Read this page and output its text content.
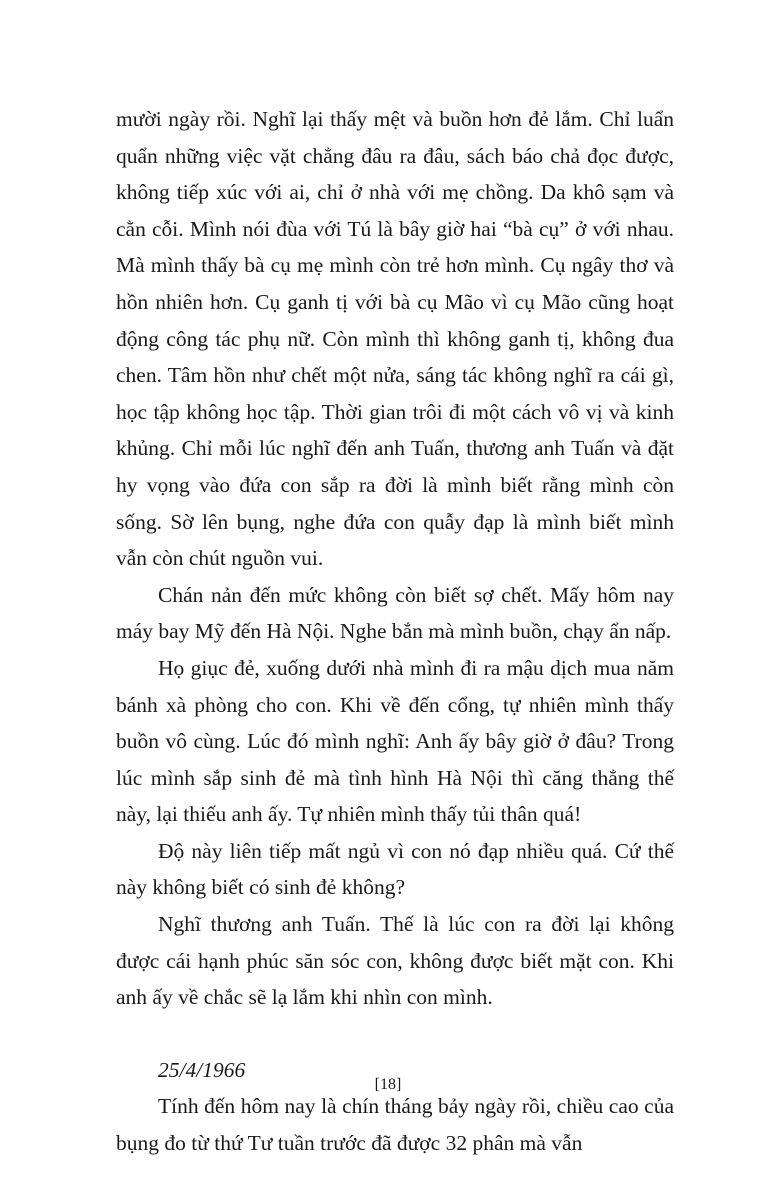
mười ngày rồi. Nghĩ lại thấy mệt và buồn hơn đẻ lắm. Chỉ luẩn quẩn những việc vặt chẳng đâu ra đâu, sách báo chả đọc được, không tiếp xúc với ai, chỉ ở nhà với mẹ chồng. Da khô sạm và cằn cỗi. Mình nói đùa với Tú là bây giờ hai “bà cụ” ở với nhau. Mà mình thấy bà cụ mẹ mình còn trẻ hơn mình. Cụ ngây thơ và hồn nhiên hơn. Cụ ganh tị với bà cụ Mão vì cụ Mão cũng hoạt động công tác phụ nữ. Còn mình thì không ganh tị, không đua chen. Tâm hồn như chết một nửa, sáng tác không nghĩ ra cái gì, học tập không học tập. Thời gian trôi đi một cách vô vị và kinh khủng. Chỉ mỗi lúc nghĩ đến anh Tuấn, thương anh Tuấn và đặt hy vọng vào đứa con sắp ra đời là mình biết rằng mình còn sống. Sờ lên bụng, nghe đứa con quẫy đạp là mình biết mình vẫn còn chút nguồn vui.

Chán nản đến mức không còn biết sợ chết. Mấy hôm nay máy bay Mỹ đến Hà Nội. Nghe bắn mà mình buồn, chạy ẩn nấp.

Họ giục đẻ, xuống dưới nhà mình đi ra mậu dịch mua năm bánh xà phòng cho con. Khi về đến cổng, tự nhiên mình thấy buồn vô cùng. Lúc đó mình nghĩ: Anh ấy bây giờ ở đâu? Trong lúc mình sắp sinh đẻ mà tình hình Hà Nội thì căng thẳng thế này, lại thiếu anh ấy. Tự nhiên mình thấy tủi thân quá!

Độ này liên tiếp mất ngủ vì con nó đạp nhiều quá. Cứ thế này không biết có sinh đẻ không?

Nghĩ thương anh Tuấn. Thế là lúc con ra đời lại không được cái hạnh phúc săn sóc con, không được biết mặt con. Khi anh ấy về chắc sẽ lạ lắm khi nhìn con mình.

25/4/1966

Tính đến hôm nay là chín tháng bảy ngày rồi, chiều cao của bụng đo từ thứ Tư tuần trước đã được 32 phân mà vẫn

[18]
